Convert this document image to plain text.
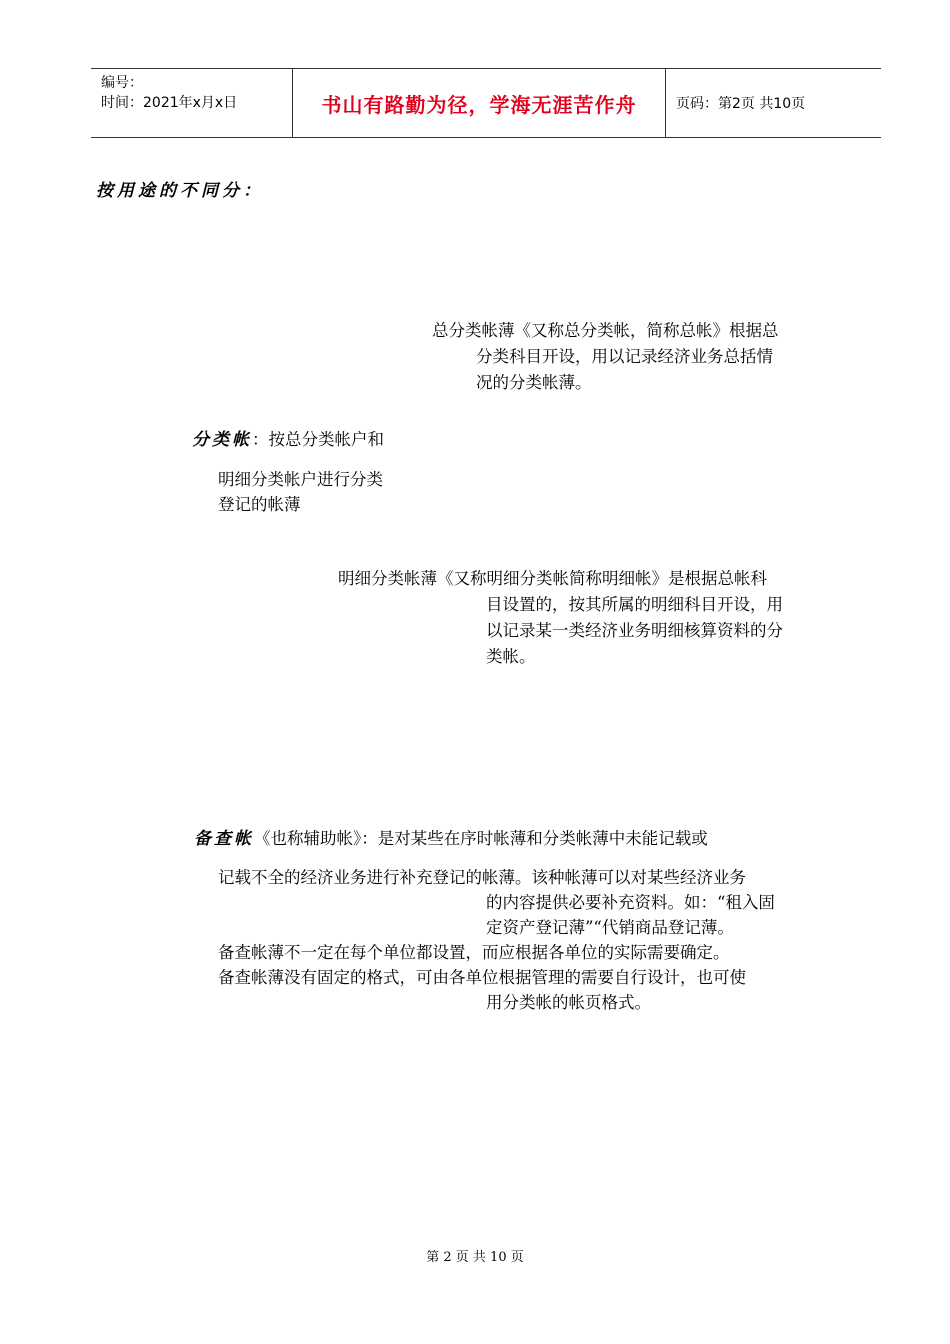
编号：
时间：2021年x月x日	书山有路勤为径，学海无涯苦作舟	页码：第2页 共10页
按用途的不同分：
总分类帐薄《又称总分类帐，简称总帐》根据总
分类科目开设，用以记录经济业务总括情
况的分类帐薄。
分类帐：按总分类帐户和
明细分类帐户进行分类
登记的帐薄
明细分类帐薄《又称明细分类帐简称明细帐》是根据总帐科
目设置的，按其所属的明细科目开设，用
以记录某一类经济业务明细核算资料的分
类帐。
备查帐《也称辅助帐》：是对某些在序时帐薄和分类帐薄中未能记载或
记载不全的经济业务进行补充登记的帐薄。该种帐薄可以对某些经济业务
的内容提供必要补充资料。如：“租入固
定资产登记薄”“代销商品登记薄。
备查帐薄不一定在每个单位都设置，而应根据各单位的实际需要确定。
备查帐薄没有固定的格式，可由各单位根据管理的需要自行设计，也可使
用分类帐的帐页格式。
第 2 页 共 10 页
